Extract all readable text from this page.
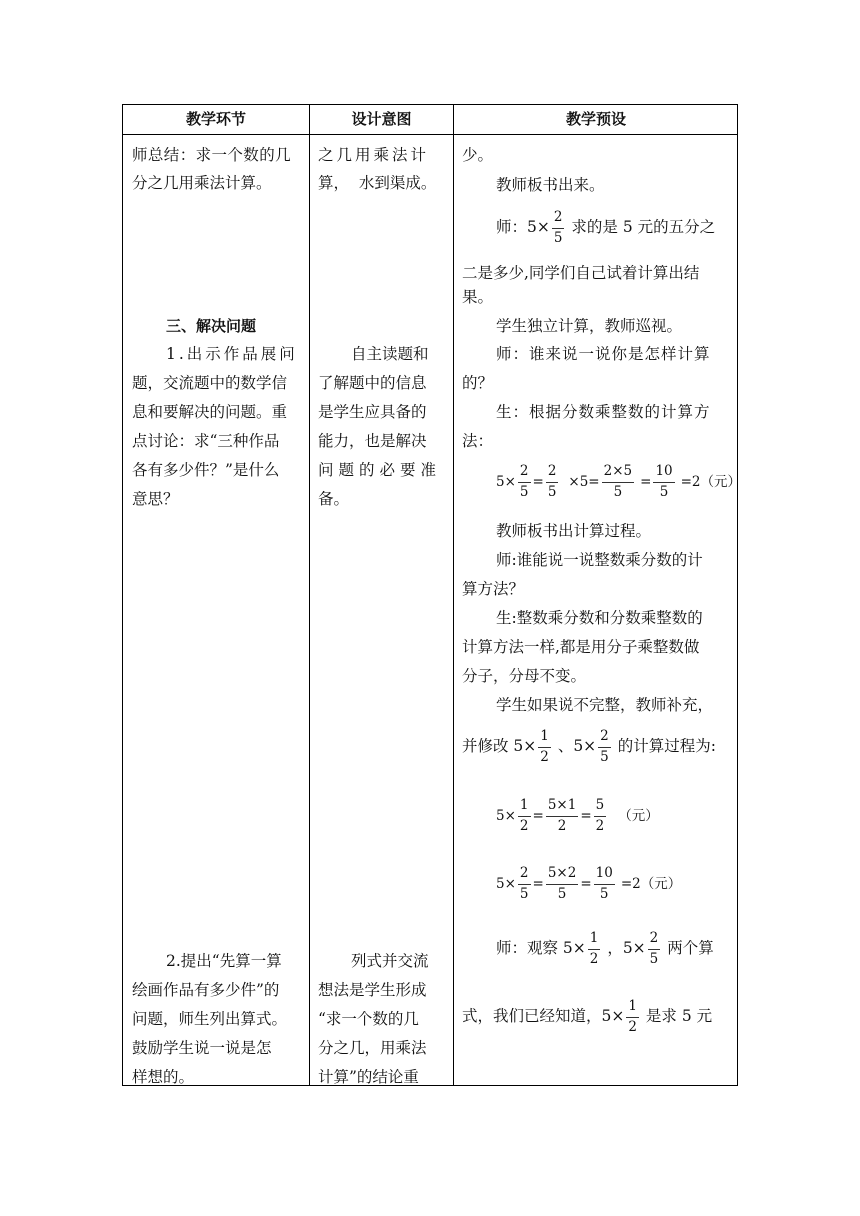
教学环节	设计意图	教学预设
师总结：求一个数的几
分之几用乘法计算。
三、解决问题
1.出示作品展问
题，交流题中的数学信
息和要解决的问题。重
点讨论：求“三种作品
各有多少件？”是什么
意思？
2.提出“先算一算
绘画作品有多少件”的
问题，师生列出算式。
鼓励学生说一说是怎
样想的。
之几用乘法计
算，  水到渠成。
自主读题和
了解题中的信息
是学生应具备的
能力，也是解决
问题的必要准
备。
列式并交流
想法是学生形成
“求一个数的几
分之几，用乘法
计算”的结论重
少。
教师板书出来。
师：$5\times \frac{2}{5}$ 求的是 5 元的五分之
二是多少,同学们自己试着计算出结
果。
学生独立计算，教师巡视。
师：谁来说一说你是怎样计算
的？
生：根据分数乘整数的计算方
法：
$5\times \frac{2}{5} = \frac{2}{5} \times 5= \frac{2\times 5}{5} = \frac{10}{5} =2$（元）
教师板书出计算过程。
师:谁能说一说整数乘分数的计
算方法？
生:整数乘分数和分数乘整数的
计算方法一样,都是用分子乘整数做
分子，分母不变。
学生如果说不完整，教师补充，
并修改 $5\times \frac{1}{2}$ 、$5\times \frac{2}{5}$ 的计算过程为:
$5\times \frac{1}{2} = \frac{5\times 1}{2} = \frac{5}{2}$ （元）
$5\times \frac{2}{5} = \frac{5\times 2}{5} = \frac{10}{5} =2$（元）
师：观察 $5\times \frac{1}{2}$ ，$5\times \frac{2}{5}$ 两个算
式，我们已经知道，$5\times \frac{1}{2}$ 是求 5 元
